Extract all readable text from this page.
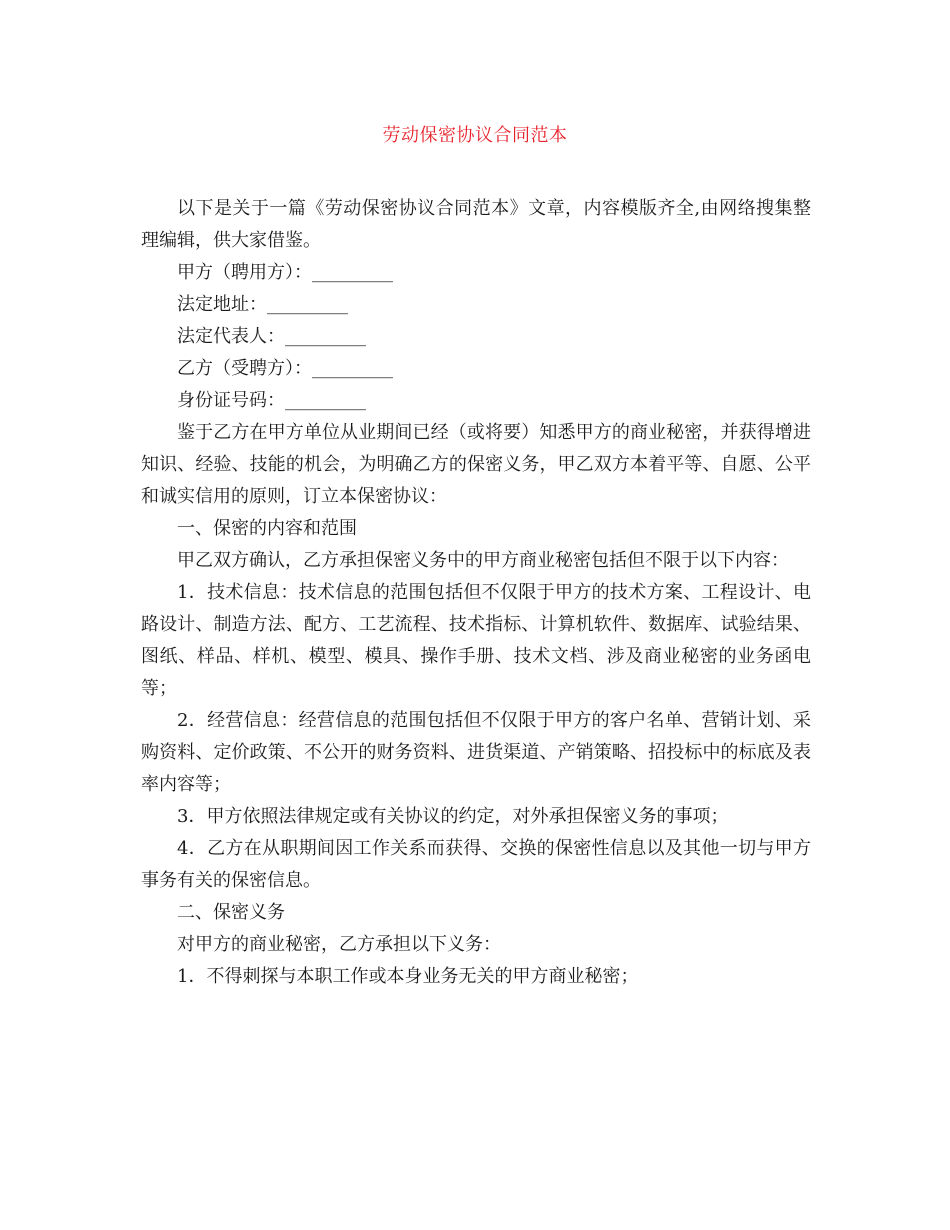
劳动保密协议合同范本

以下是关于一篇《劳动保密协议合同范本》文章，内容模版齐全,由网络搜集整理编辑，供大家借鉴。

甲方（聘用方）：_________

法定地址：_________

法定代表人：_________

乙方（受聘方）：_________

身份证号码：_________

鉴于乙方在甲方单位从业期间已经（或将要）知悉甲方的商业秘密，并获得增进知识、经验、技能的机会，为明确乙方的保密义务，甲乙双方本着平等、自愿、公平和诚实信用的原则，订立本保密协议：

一、保密的内容和范围

甲乙双方确认，乙方承担保密义务中的甲方商业秘密包括但不限于以下内容：

1．技术信息：技术信息的范围包括但不仅限于甲方的技术方案、工程设计、电路设计、制造方法、配方、工艺流程、技术指标、计算机软件、数据库、试验结果、图纸、样品、样机、模型、模具、操作手册、技术文档、涉及商业秘密的业务函电等；

2．经营信息：经营信息的范围包括但不仅限于甲方的客户名单、营销计划、采购资料、定价政策、不公开的财务资料、进货渠道、产销策略、招投标中的标底及表率内容等；

3．甲方依照法律规定或有关协议的约定，对外承担保密义务的事项；

4．乙方在从职期间因工作关系而获得、交换的保密性信息以及其他一切与甲方事务有关的保密信息。

二、保密义务

对甲方的商业秘密，乙方承担以下义务：

1．不得刺探与本职工作或本身业务无关的甲方商业秘密；
